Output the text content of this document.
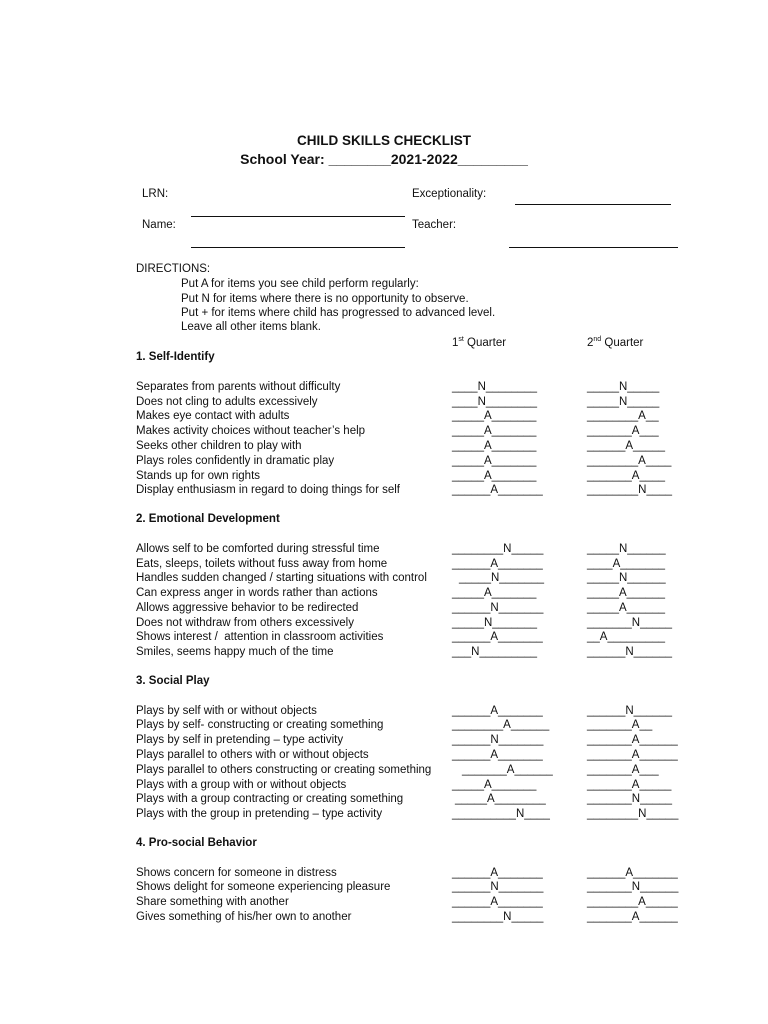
CHILD SKILLS CHECKLIST
School Year: ________2021-2022_________
LRN:	Exceptionality:
Name:	Teacher:
DIRECTIONS:
Put A for items you see child perform regularly:
Put N for items where there is no opportunity to observe.
Put + for items where child has progressed to advanced level.
Leave all other items blank.
1st Quarter	2nd Quarter
1. Self-Identify
Separates from parents without difficulty	____N________	_____N_____
Does not cling to adults excessively	____N________	_____N_____
Makes eye contact with adults	_____A_______	________A__
Makes activity choices without teacher’s help	_____A_______	_______A___
Seeks other children to play with	_____A_______	______A_____
Plays roles confidently in dramatic play	_____A_______	________A____
Stands up for own rights	_____A_______	_______A____
Display enthusiasm in regard to doing things for self	______A_______	________N____
2. Emotional Development
Allows self to be comforted during stressful time	________N_____	_____N______
Eats, sleeps, toilets without fuss away from home	______A_______	____A_______
Handles sudden changed / starting situations with control	_____N_______	_____N______
Can express anger in words rather than actions	_____A_______	_____A______
Allows aggressive behavior to be redirected	______N_______	_____A______
Does not withdraw from others excessively	_____N_______	_______N_____
Shows interest /  attention in classroom activities	______A_______	__A_________
Smiles, seems happy much of the time	___N_________	______N______
3. Social Play
Plays by self with or without objects	______A_______	______N______
Plays by self- constructing or creating something	________A______	_______A__
Plays by self in pretending – type activity	______N_______	_______A______
Plays parallel to others with or without objects	______A_______	_______A______
Plays parallel to others constructing or creating something	_______A______	_______A___
Plays with a group with or without objects	_____A_______	_______A_____
Plays with a group contracting or creating something	_____A________	_______N_____
Plays with the group in pretending – type activity	__________N____	________N_____
4. Pro-social Behavior
Shows concern for someone in distress	______A_______	______A_______
Shows delight for someone experiencing pleasure	______N_______	_______N______
Share something with another	______A_______	________A_____
Gives something of his/her own to another	________N_____	_______A______
